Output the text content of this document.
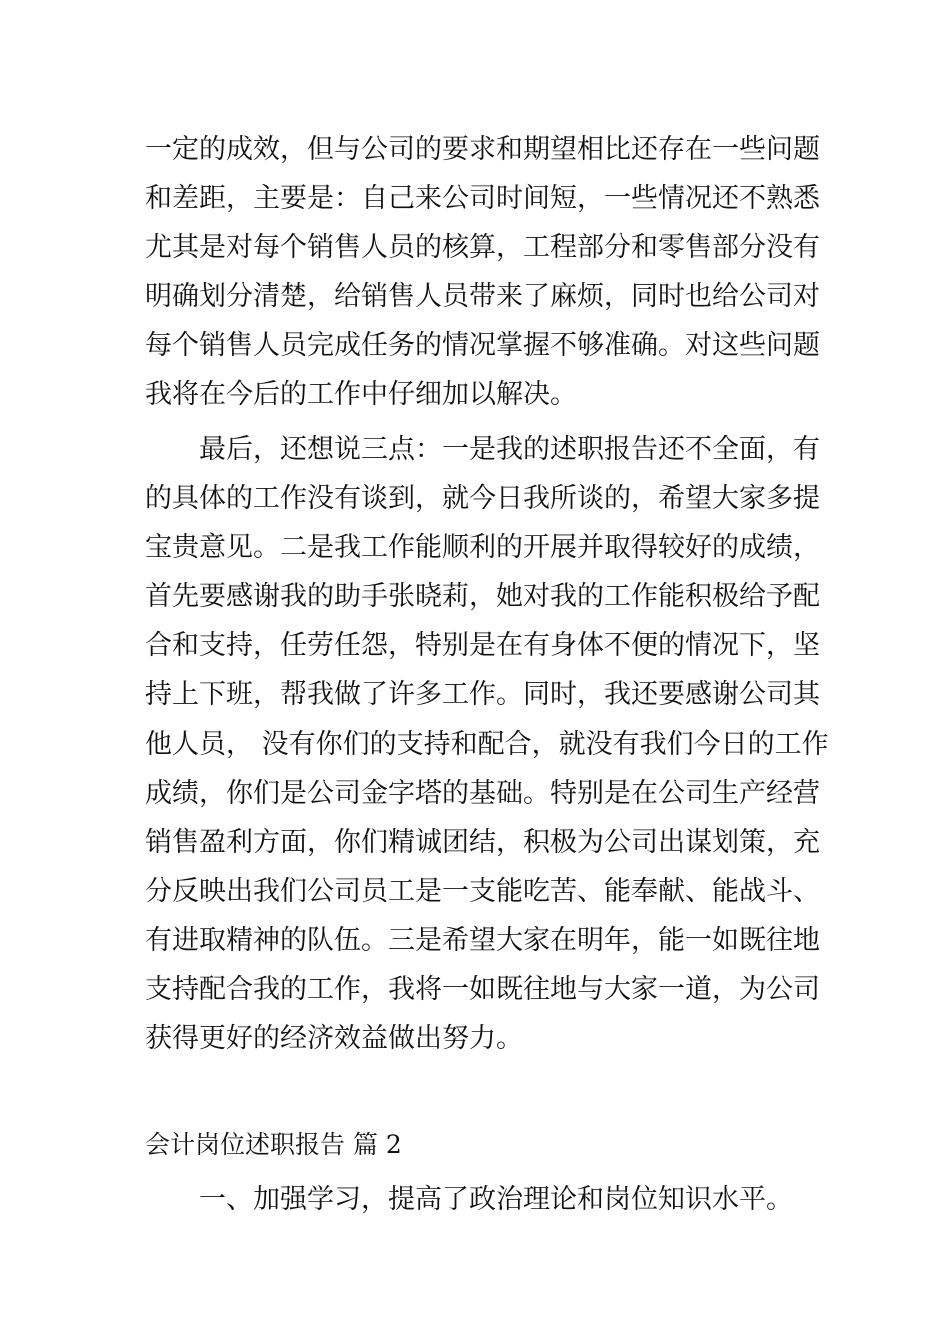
一定的成效，但与公司的要求和期望相比还存在一些问题
和差距，主要是：自己来公司时间短，一些情况还不熟悉
尤其是对每个销售人员的核算，工程部分和零售部分没有
明确划分清楚，给销售人员带来了麻烦，同时也给公司对
每个销售人员完成任务的情况掌握不够准确。对这些问题
我将在今后的工作中仔细加以解决。
最后，还想说三点：一是我的述职报告还不全面，有
的具体的工作没有谈到，就今日我所谈的，希望大家多提
宝贵意见。二是我工作能顺利的开展并取得较好的成绩，
首先要感谢我的助手张晓莉，她对我的工作能积极给予配
合和支持，任劳任怨，特别是在有身体不便的情况下，坚
持上下班，帮我做了许多工作。同时，我还要感谢公司其
他人员， 没有你们的支持和配合，就没有我们今日的工作
成绩，你们是公司金字塔的基础。特别是在公司生产经营
销售盈利方面，你们精诚团结，积极为公司出谋划策，充
分反映出我们公司员工是一支能吃苦、能奉献、能战斗、
有进取精神的队伍。三是希望大家在明年，能一如既往地
支持配合我的工作，我将一如既往地与大家一道，为公司
获得更好的经济效益做出努力。
会计岗位述职报告 篇 2
一、加强学习，提高了政治理论和岗位知识水平。
